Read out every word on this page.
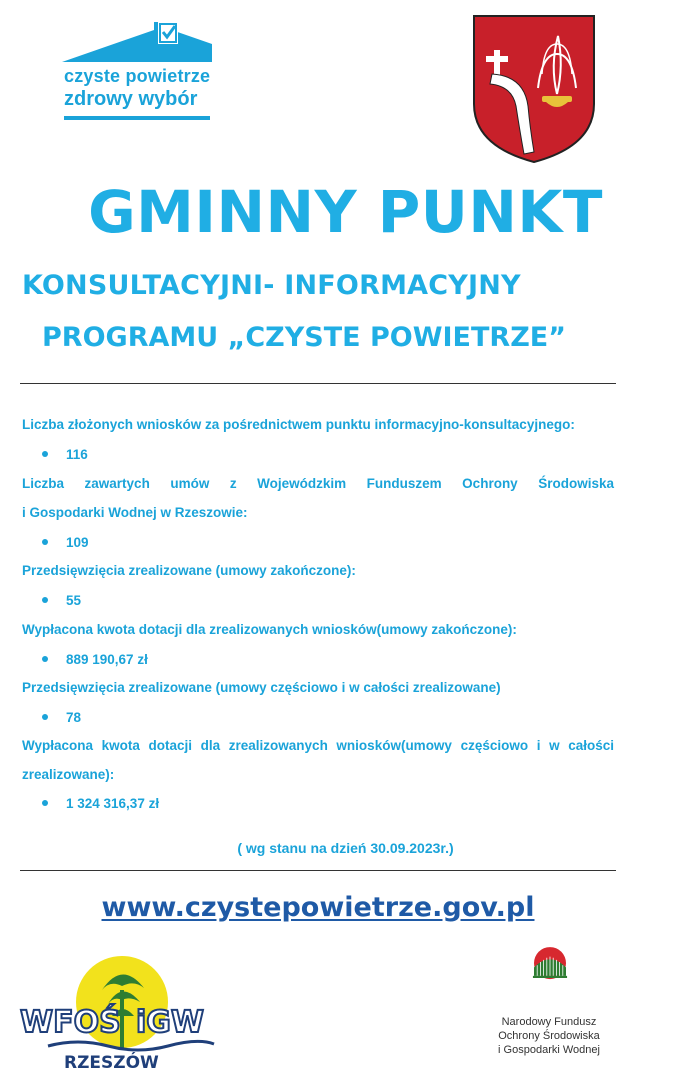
czyste powietrze
zdrowy wybór
GMINNY PUNKT
KONSULTACYJNI- INFORMACYJNY
PROGRAMU „CZYSTE POWIETRZE”
Liczba złożonych wniosków za pośrednictwem punktu informacyjno-konsultacyjnego:
116
Liczba zawartych umów z Wojewódzkim Funduszem Ochrony Środowiska
i Gospodarki Wodnej w Rzeszowie:
109
Przedsięwzięcia zrealizowane (umowy zakończone):
55
Wypłacona kwota dotacji dla zrealizowanych wniosków(umowy zakończone):
889 190,67 zł
Przedsięwzięcia zrealizowane (umowy częściowo i w całości zrealizowane)
78
Wypłacona kwota dotacji dla zrealizowanych wniosków(umowy częściowo i w całości
zrealizowane):
1 324 316,37 zł
( wg stanu na dzień 30.09.2023r.)
www.czystepowietrze.gov.pl
WFOŚ iGW
RZESZÓW
Narodowy Fundusz
Ochrony Środowiska
i Gospodarki Wodnej
